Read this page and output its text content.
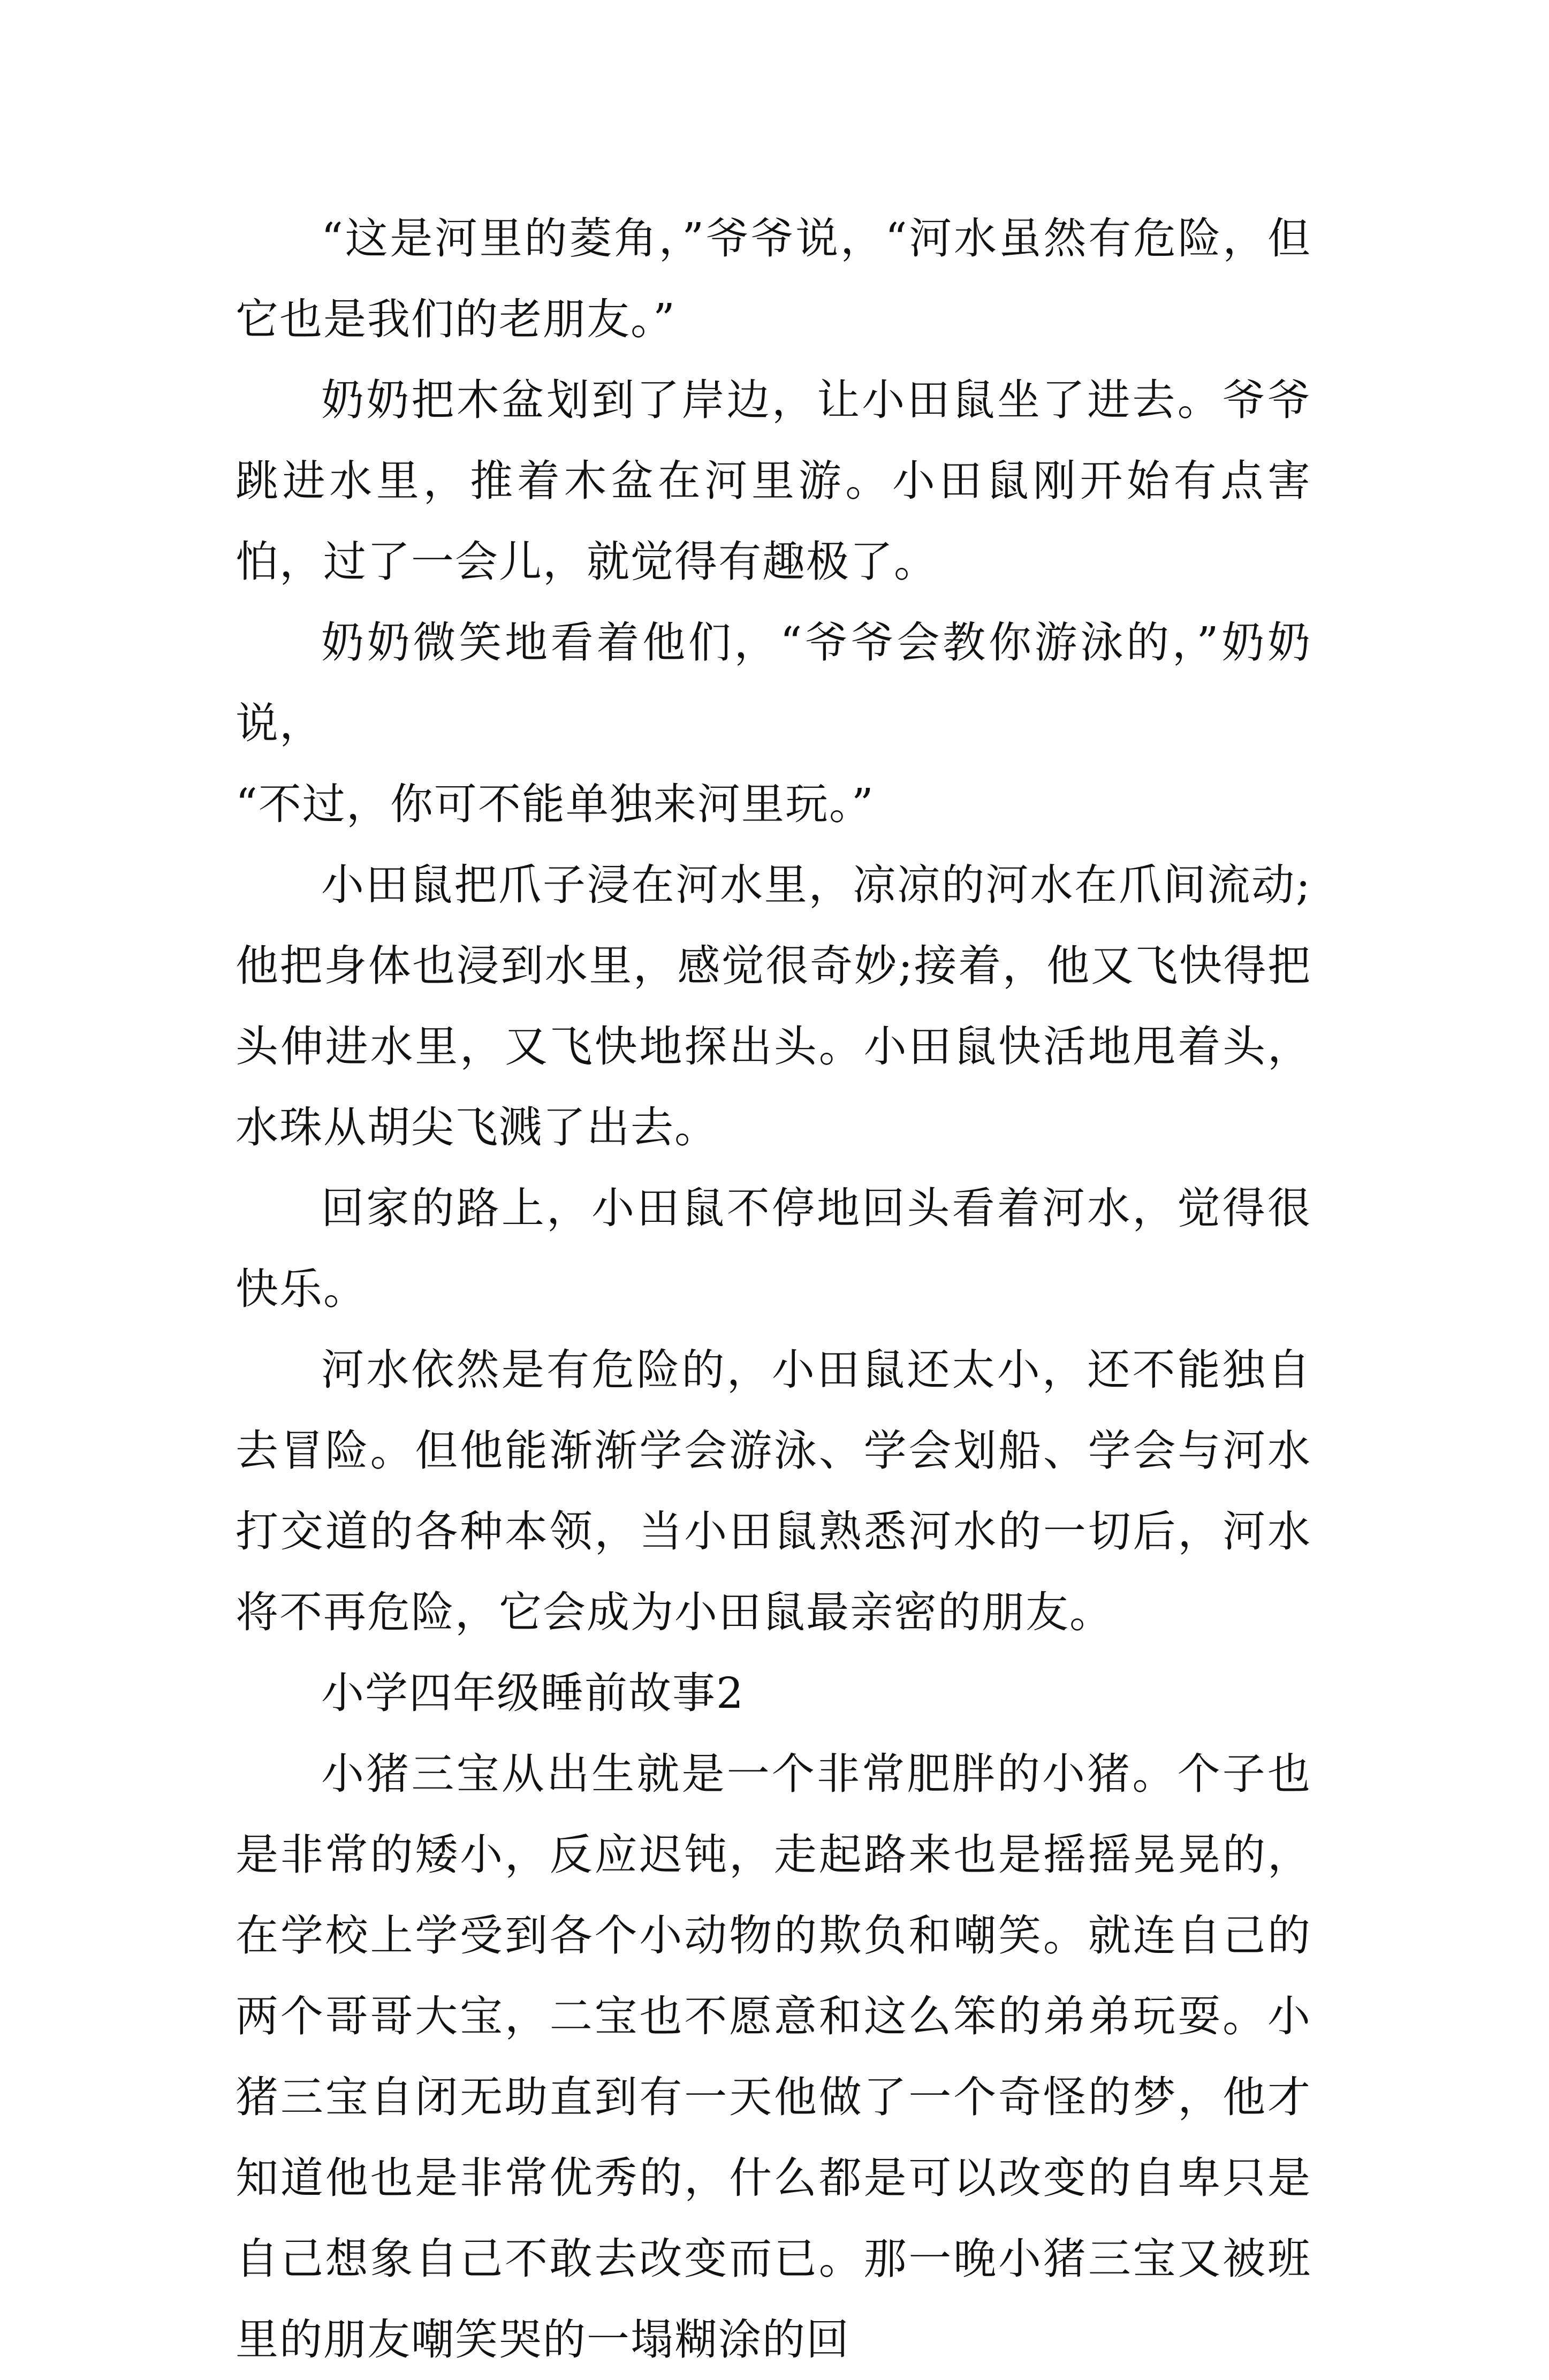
“这是河里的菱角，”爷爷说，“河水虽然有危险，但它也是我们的老朋友。”

奶奶把木盆划到了岸边，让小田鼠坐了进去。爷爷跳进水里，推着木盆在河里游。小田鼠刚开始有点害怕，过了一会儿，就觉得有趣极了。

奶奶微笑地看着他们，“爷爷会教你游泳的，”奶奶说，

“不过，你可不能单独来河里玩。”

小田鼠把爪子浸在河水里，凉凉的河水在爪间流动;他把身体也浸到水里，感觉很奇妙;接着，他又飞快得把头伸进水里，又飞快地探出头。小田鼠快活地甩着头，水珠从胡尖飞溅了出去。

回家的路上，小田鼠不停地回头看着河水，觉得很快乐。

河水依然是有危险的，小田鼠还太小，还不能独自去冒险。但他能渐渐学会游泳、学会划船、学会与河水打交道的各种本领，当小田鼠熟悉河水的一切后，河水将不再危险，它会成为小田鼠最亲密的朋友。

小学四年级睡前故事2

小猪三宝从出生就是一个非常肥胖的小猪。个子也是非常的矮小，反应迟钝，走起路来也是摇摇晃晃的，在学校上学受到各个小动物的欺负和嘲笑。就连自己的两个哥哥大宝，二宝也不愿意和这么笨的弟弟玩耍。小猪三宝自闭无助直到有一天他做了一个奇怪的梦，他才知道他也是非常优秀的，什么都是可以改变的自卑只是自己想象自己不敢去改变而已。那一晚小猪三宝又被班里的朋友嘲笑哭的一塌糊涂的回
